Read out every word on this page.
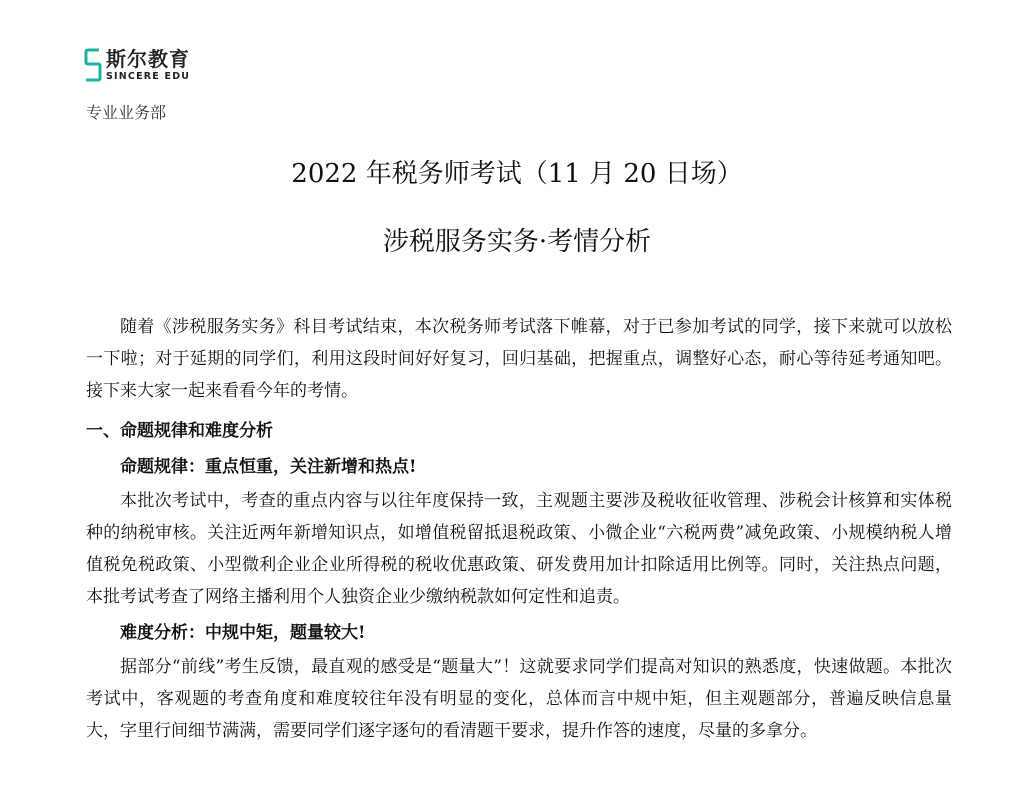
斯尔教育
SINCERE EDU
专业业务部
2022 年税务师考试（11 月 20 日场）
涉税服务实务·考情分析

随着《涉税服务实务》科目考试结束，本次税务师考试落下帷幕，对于已参加考试的同学，接下来就可以放松一下啦；对于延期的同学们，利用这段时间好好复习，回归基础，把握重点，调整好心态，耐心等待延考通知吧。接下来大家一起来看看今年的考情。

一、命题规律和难度分析
命题规律：重点恒重，关注新增和热点!

本批次考试中，考查的重点内容与以往年度保持一致，主观题主要涉及税收征收管理、涉税会计核算和实体税种的纳税审核。关注近两年新增知识点，如增值税留抵退税政策、小微企业“六税两费”减免政策、小规模纳税人增值税免税政策、小型微利企业企业所得税的税收优惠政策、研发费用加计扣除适用比例等。同时，关注热点问题，本批考试考查了网络主播利用个人独资企业少缴纳税款如何定性和追责。

难度分析：中规中矩，题量较大!

据部分“前线”考生反馈，最直观的感受是“题量大”！这就要求同学们提高对知识的熟悉度，快速做题。本批次考试中，客观题的考查角度和难度较往年没有明显的变化，总体而言中规中矩，但主观题部分，普遍反映信息量大，字里行间细节满满，需要同学们逐字逐句的看清题干要求，提升作答的速度，尽量的多拿分。
